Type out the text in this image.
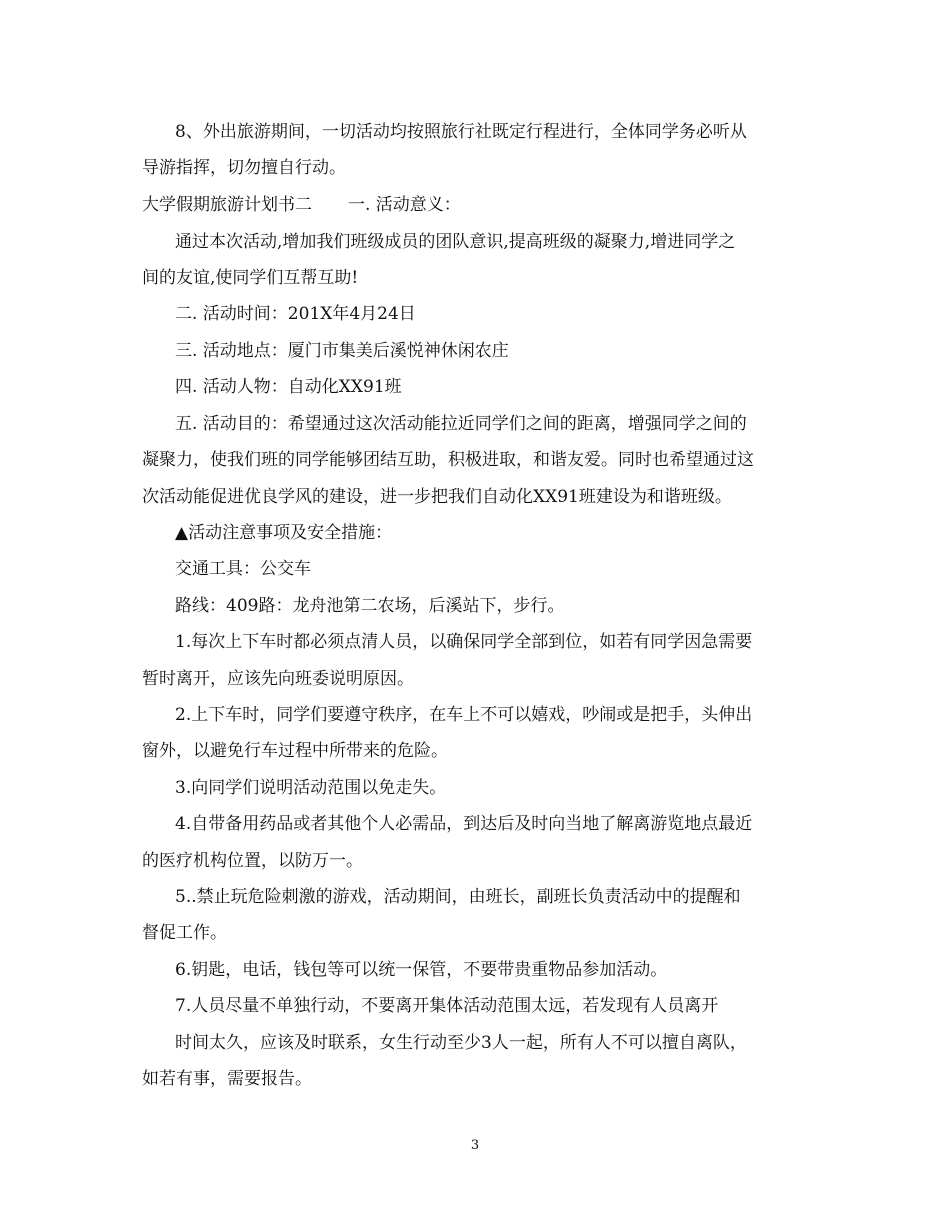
8、外出旅游期间，一切活动均按照旅行社既定行程进行，全体同学务必听从
导游指挥，切勿擅自行动。
大学假期旅游计划书二 一. 活动意义：
通过本次活动,增加我们班级成员的团队意识,提高班级的凝聚力,增进同学之
间的友谊,使同学们互帮互助!
二. 活动时间：201X年4月24日
三. 活动地点：厦门市集美后溪悦神休闲农庄
四. 活动人物：自动化XX91班
五. 活动目的：希望通过这次活动能拉近同学们之间的距离，增强同学之间的
凝聚力，使我们班的同学能够团结互助，积极进取，和谐友爱。同时也希望通过这
次活动能促进优良学风的建设，进一步把我们自动化XX91班建设为和谐班级。
▲活动注意事项及安全措施：
交通工具：公交车
路线：409路：龙舟池第二农场，后溪站下，步行。
1.每次上下车时都必须点清人员，以确保同学全部到位，如若有同学因急需要
暂时离开，应该先向班委说明原因。
2.上下车时，同学们要遵守秩序，在车上不可以嬉戏，吵闹或是把手，头伸出
窗外，以避免行车过程中所带来的危险。
3.向同学们说明活动范围以免走失。
4.自带备用药品或者其他个人必需品，到达后及时向当地了解离游览地点最近
的医疗机构位置，以防万一。
5..禁止玩危险刺激的游戏，活动期间，由班长，副班长负责活动中的提醒和
督促工作。
6.钥匙，电话，钱包等可以统一保管，不要带贵重物品参加活动。
7.人员尽量不单独行动，不要离开集体活动范围太远，若发现有人员离开
时间太久，应该及时联系，女生行动至少3人一起，所有人不可以擅自离队，
如若有事，需要报告。
3
